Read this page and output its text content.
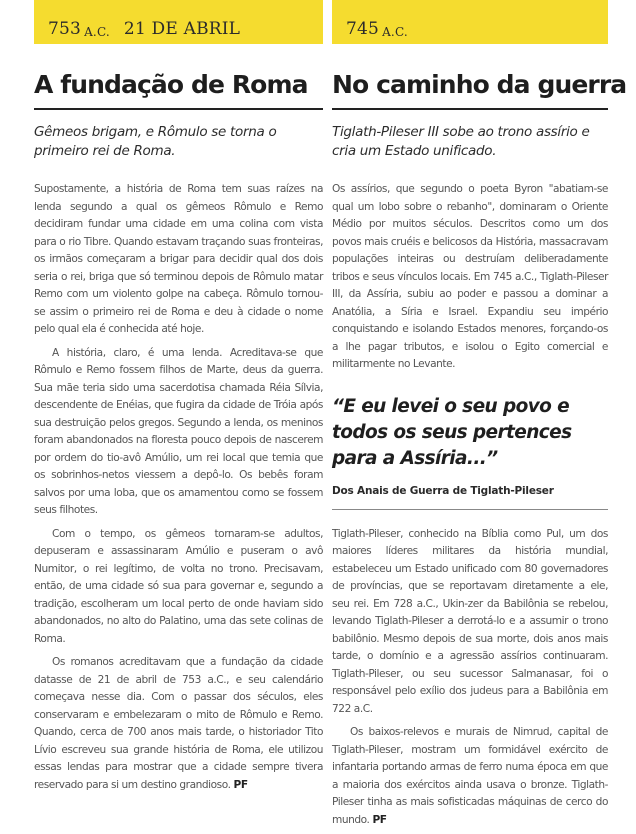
753 A.C. 21 DE ABRIL
A fundação de Roma
Gêmeos brigam, e Rômulo se torna o primeiro rei de Roma.

Supostamente, a história de Roma tem suas raízes na lenda segundo a qual os gêmeos Rômulo e Remo decidiram fundar uma cidade em uma colina com vista para o rio Tibre. Quando estavam traçando suas fronteiras, os irmãos começaram a brigar para decidir qual dos dois seria o rei, briga que só terminou depois de Rômulo matar Remo com um violento golpe na cabeça. Rômulo tornou-se assim o primeiro rei de Roma e deu à cidade o nome pelo qual ela é conhecida até hoje.

A história, claro, é uma lenda. Acreditava-se que Rômulo e Remo fossem filhos de Marte, deus da guerra. Sua mãe teria sido uma sacerdotisa chamada Réia Sílvia, descendente de Enéias, que fugira da cidade de Tróia após sua destruição pelos gregos. Segundo a lenda, os meninos foram abandonados na floresta pouco depois de nascerem por ordem do tio-avô Amúlio, um rei local que temia que os sobrinhos-netos viessem a depô-lo. Os bebês foram salvos por uma loba, que os amamentou como se fossem seus filhotes.

Com o tempo, os gêmeos tornaram-se adultos, depuseram e assassinaram Amúlio e puseram o avô Numitor, o rei legítimo, de volta no trono. Precisavam, então, de uma cidade só sua para governar e, segundo a tradição, escolheram um local perto de onde haviam sido abandonados, no alto do Palatino, uma das sete colinas de Roma.

Os romanos acreditavam que a fundação da cidade datasse de 21 de abril de 753 a.C., e seu calendário começava nesse dia. Com o passar dos séculos, eles conservaram e embelezaram o mito de Rômulo e Remo. Quando, cerca de 700 anos mais tarde, o historiador Tito Lívio escreveu sua grande história de Roma, ele utilizou essas lendas para mostrar que a cidade sempre tivera reservado para si um destino grandioso. PF

745 A.C.
No caminho da guerra
Tiglath-Pileser III sobe ao trono assírio e cria um Estado unificado.

Os assírios, que segundo o poeta Byron "abatiam-se qual um lobo sobre o rebanho", dominaram o Oriente Médio por muitos séculos. Descritos como um dos povos mais cruéis e belicosos da História, massacravam populações inteiras ou destruíam deliberadamente tribos e seus vínculos locais. Em 745 a.C., Tiglath-Pileser III, da Assíria, subiu ao poder e passou a dominar a Anatólia, a Síria e Israel. Expandiu seu império conquistando e isolando Estados menores, forçando-os a lhe pagar tributos, e isolou o Egito comercial e militarmente no Levante.

“E eu levei o seu povo e todos os seus pertences para a Assíria...”
Dos Anais de Guerra de Tiglath-Pileser

Tiglath-Pileser, conhecido na Bíblia como Pul, um dos maiores líderes militares da história mundial, estabeleceu um Estado unificado com 80 governadores de províncias, que se reportavam diretamente a ele, seu rei. Em 728 a.C., Ukin-zer da Babilônia se rebelou, levando Tiglath-Pileser a derrotá-lo e a assumir o trono babilônio. Mesmo depois de sua morte, dois anos mais tarde, o domínio e a agressão assírios continuaram. Tiglath-Pileser, ou seu sucessor Salmanasar, foi o responsável pelo exílio dos judeus para a Babilônia em 722 a.C.

Os baixos-relevos e murais de Nimrud, capital de Tiglath-Pileser, mostram um formidável exército de infantaria portando armas de ferro numa época em que a maioria dos exércitos ainda usava o bronze. Tiglath-Pileser tinha as mais sofisticadas máquinas de cerco do mundo. PF
